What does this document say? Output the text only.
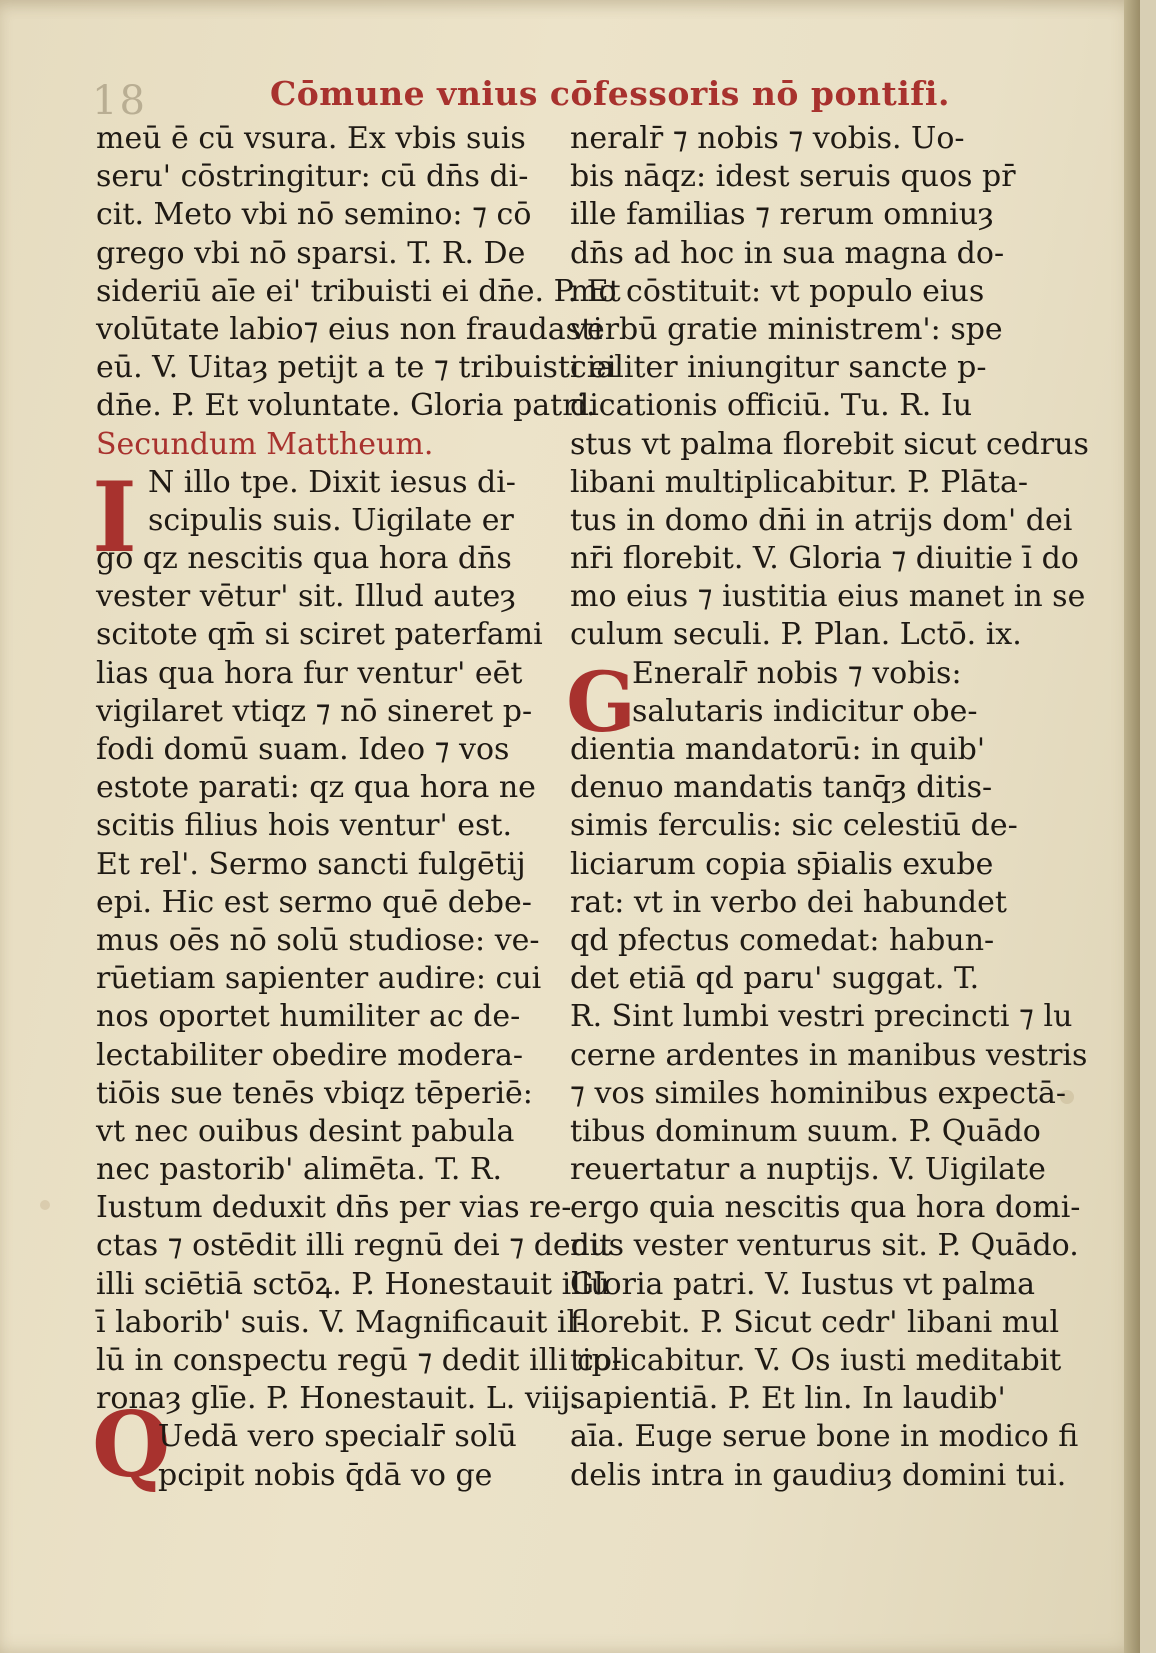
18	Cōmune vnius cōfessoris nō pontifi.
I
G
Q
meū ē cū vsura. Ex vbis suis
seru' cōstringitur: cū dn̄s di-
cit. Meto vbi nō semino: ⁊ cō
grego vbi nō sparsi. T. R. De
sideriū aīe ei' tribuisti ei dn̄e. P. Et
volūtate labio⁊ eius non fraudasti
eū. V. Uitaȝ petijt a te ⁊ tribuisti ei
dn̄e. P. Et voluntate. Gloria patri.
Secundum Mattheum.
N illo tpe. Dixit iesus di-
scipulis suis. Uigilate er
go qz nescitis qua hora dn̄s
vester vētur' sit. Illud auteȝ
scitote qm̄ si sciret paterfami
lias qua hora fur ventur' eēt
vigilaret vtiqz ⁊ nō sineret p-
fodi domū suam. Ideo ⁊ vos
estote parati: qz qua hora ne
scitis filius hois ventur' est.
Et rel'. Sermo sancti fulgētij
epi. Hic est sermo quē debe-
mus oēs nō solū studiose: ve-
rūetiam sapienter audire: cui
nos oportet humiliter ac de-
lectabiliter obedire modera-
tiōis sue tenēs vbiqz tēperiē:
vt nec ouibus desint pabula
nec pastorib' alimēta. T. R.
Iustum deduxit dn̄s per vias re-
ctas ⁊ ostēdit illi regnū dei ⁊ dedit
illi sciētiā sctōꝝ. P. Honestauit illū
ī laborib' suis. V. Magnificauit il-
lū in conspectu regū ⁊ dedit illi co-
ronaȝ glīe. P. Honestauit. L. viij.
Uedā vero specialr̄ solū
pcipit nobis q̄dā vo ge
neralr̄ ⁊ nobis ⁊ vobis. Uo-
bis nāqz: idest seruis quos pr̄
ille familias ⁊ rerum omniuȝ
dn̄s ad hoc in sua magna do-
mo cōstituit: vt populo eius
verbū gratie ministrem': spe
cialiter iniungitur sancte p-
dicationis officiū. Tu. R. Iu
stus vt palma florebit sicut cedrus
libani multiplicabitur. P. Plāta-
tus in domo dn̄i in atrijs dom' dei
nr̄i florebit. V. Gloria ⁊ diuitie ī do
mo eius ⁊ iustitia eius manet in se
culum seculi. P. Plan. Lctō. ix.
Eneralr̄ nobis ⁊ vobis:
salutaris indicitur obe-
dientia mandatorū: in quib'
denuo mandatis tanq̄ȝ ditis-
simis ferculis: sic celestiū de-
liciarum copia sp̄ialis exube
rat: vt in verbo dei habundet
qd pfectus comedat: habun-
det etiā qd paru' suggat. T.
R. Sint lumbi vestri precincti ⁊ lu
cerne ardentes in manibus vestris
⁊ vos similes hominibus expectā-
tibus dominum suum. P. Quādo
reuertatur a nuptijs. V. Uigilate
ergo quia nescitis qua hora domi-
nus vester venturus sit. P. Quādo.
Gloria patri. V. Iustus vt palma
florebit. P. Sicut cedr' libani mul
tiplicabitur. V. Os iusti meditabit
sapientiā. P. Et lin. In laudib'
aīa. Euge serue bone in modico fi
delis intra in gaudiuȝ domini tui.
